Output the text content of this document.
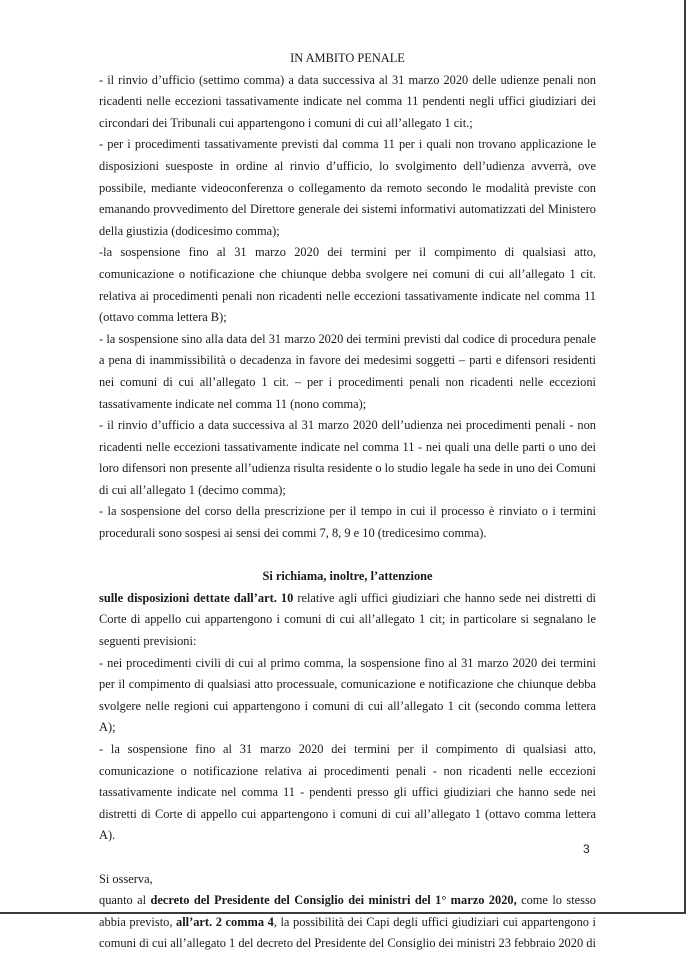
IN AMBITO PENALE

- il rinvio d’ufficio (settimo comma) a data successiva al 31 marzo 2020 delle udienze penali non ricadenti nelle eccezioni tassativamente indicate nel comma 11 pendenti negli uffici giudiziari dei circondari dei Tribunali cui appartengono i comuni di cui all’allegato 1 cit.;

- per i procedimenti tassativamente previsti dal comma 11 per i quali non trovano applicazione le disposizioni suesposte in ordine al rinvio d’ufficio, lo svolgimento dell’udienza avverrà, ove possibile, mediante videoconferenza o collegamento da remoto secondo le modalità previste con emanando provvedimento del Direttore generale dei sistemi informativi automatizzati del Ministero della giustizia (dodicesimo comma);

-la sospensione fino al 31 marzo 2020 dei termini per il compimento di qualsiasi atto, comunicazione o notificazione che chiunque debba svolgere nei comuni di cui all’allegato 1 cit. relativa ai procedimenti penali non ricadenti nelle eccezioni tassativamente indicate nel comma 11 (ottavo comma lettera B);

- la sospensione sino alla data del 31 marzo 2020 dei termini previsti dal codice di procedura penale a pena di inammissibilità o decadenza in favore dei medesimi soggetti – parti e difensori residenti nei comuni di cui all’allegato 1 cit. – per i procedimenti penali non ricadenti nelle eccezioni tassativamente indicate nel comma 11 (nono comma);

- il rinvio d’ufficio a data successiva al 31 marzo 2020 dell’udienza nei procedimenti penali - non ricadenti nelle eccezioni tassativamente indicate nel comma 11 - nei quali una delle parti o uno dei loro difensori non presente all’udienza risulta residente o lo studio legale ha sede in uno dei Comuni di cui all’allegato 1 (decimo comma);

- la sospensione del corso della prescrizione per il tempo in cui il processo è rinviato o i termini procedurali sono sospesi ai sensi dei commi 7, 8, 9 e 10 (tredicesimo comma).

Si richiama, inoltre, l’attenzione

sulle disposizioni dettate dall’art. 10 relative agli uffici giudiziari che hanno sede nei distretti di Corte di appello cui appartengono i comuni di cui all’allegato 1 cit; in particolare si segnalano le seguenti previsioni:

- nei procedimenti civili di cui al primo comma, la sospensione fino al 31 marzo 2020 dei termini per il compimento di qualsiasi atto processuale, comunicazione e notificazione che chiunque debba svolgere nelle regioni cui appartengono i comuni di cui all’allegato 1 cit (secondo comma lettera A);

- la sospensione fino al 31 marzo 2020 dei termini per il compimento di qualsiasi atto, comunicazione o notificazione relativa ai procedimenti penali - non ricadenti nelle eccezioni tassativamente indicate nel comma 11 - pendenti presso gli uffici giudiziari che hanno sede nei distretti di Corte di appello cui appartengono i comuni di cui all’allegato 1 (ottavo comma lettera A).

Si osserva,

quanto al decreto del Presidente del Consiglio dei ministri del 1° marzo 2020, come lo stesso abbia previsto, all’art. 2 comma 4, la possibilità dei Capi degli uffici giudiziari cui appartengono i comuni di cui all’allegato 1 del decreto del Presidente del Consiglio dei ministri 23 febbraio 2020 di

3
